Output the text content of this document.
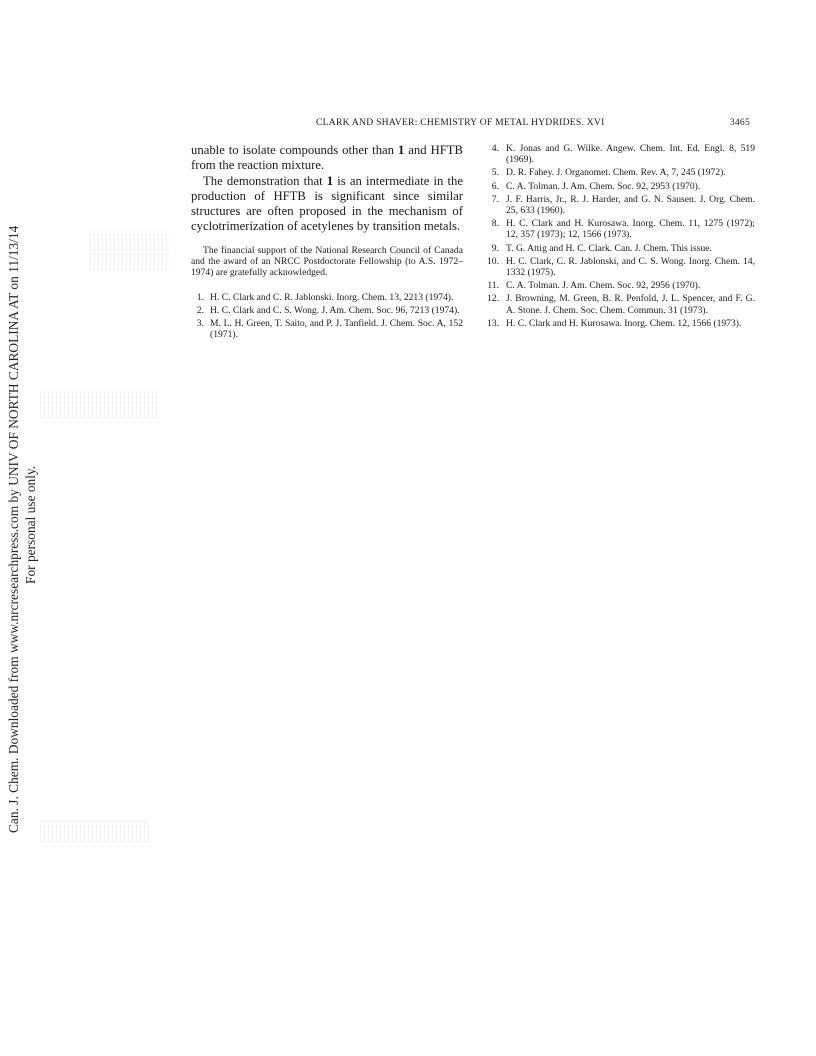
Can. J. Chem. Downloaded from www.nrcresearchpress.com by UNIV OF NORTH CAROLINA AT on 11/13/14 For personal use only.
CLARK AND SHAVER: CHEMISTRY OF METAL HYDRIDES. XVI	3465

unable to isolate compounds other than 1 and HFTB from the reaction mixture.

The demonstration that 1 is an intermediate in the production of HFTB is significant since similar structures are often proposed in the mechanism of cyclotrimerization of acetylenes by transition metals.

The financial support of the National Research Council of Canada and the award of an NRCC Postdoctorate Fellowship (to A.S. 1972–1974) are gratefully acknowledged.

1. H. C. Clark and C. R. Jablonski. Inorg. Chem. 13, 2213 (1974).
2. H. C. Clark and C. S. Wong. J. Am. Chem. Soc. 96, 7213 (1974).
3. M. L. H. Green, T. Saito, and P. J. Tanfield. J. Chem. Soc. A, 152 (1971).
4. K. Jonas and G. Wilke. Angew. Chem. Int. Ed. Engl. 8, 519 (1969).
5. D. R. Fahey. J. Organomet. Chem. Rev. A, 7, 245 (1972).
6. C. A. Tolman. J. Am. Chem. Soc. 92, 2953 (1970).
7. J. F. Harris, Jr., R. J. Harder, and G. N. Sausen. J. Org. Chem. 25, 633 (1960).
8. H. C. Clark and H. Kurosawa. Inorg. Chem. 11, 1275 (1972); 12, 357 (1973); 12, 1566 (1973).
9. T. G. Attig and H. C. Clark. Can. J. Chem. This issue.
10. H. C. Clark, C. R. Jablonski, and C. S. Wong. Inorg. Chem. 14, 1332 (1975).
11. C. A. Tolman. J. Am. Chem. Soc. 92, 2956 (1970).
12. J. Browning, M. Green, B. R. Penfold, J. L. Spencer, and F. G. A. Stone. J. Chem. Soc. Chem. Commun. 31 (1973).
13. H. C. Clark and H. Kurosawa. Inorg. Chem. 12, 1566 (1973).
